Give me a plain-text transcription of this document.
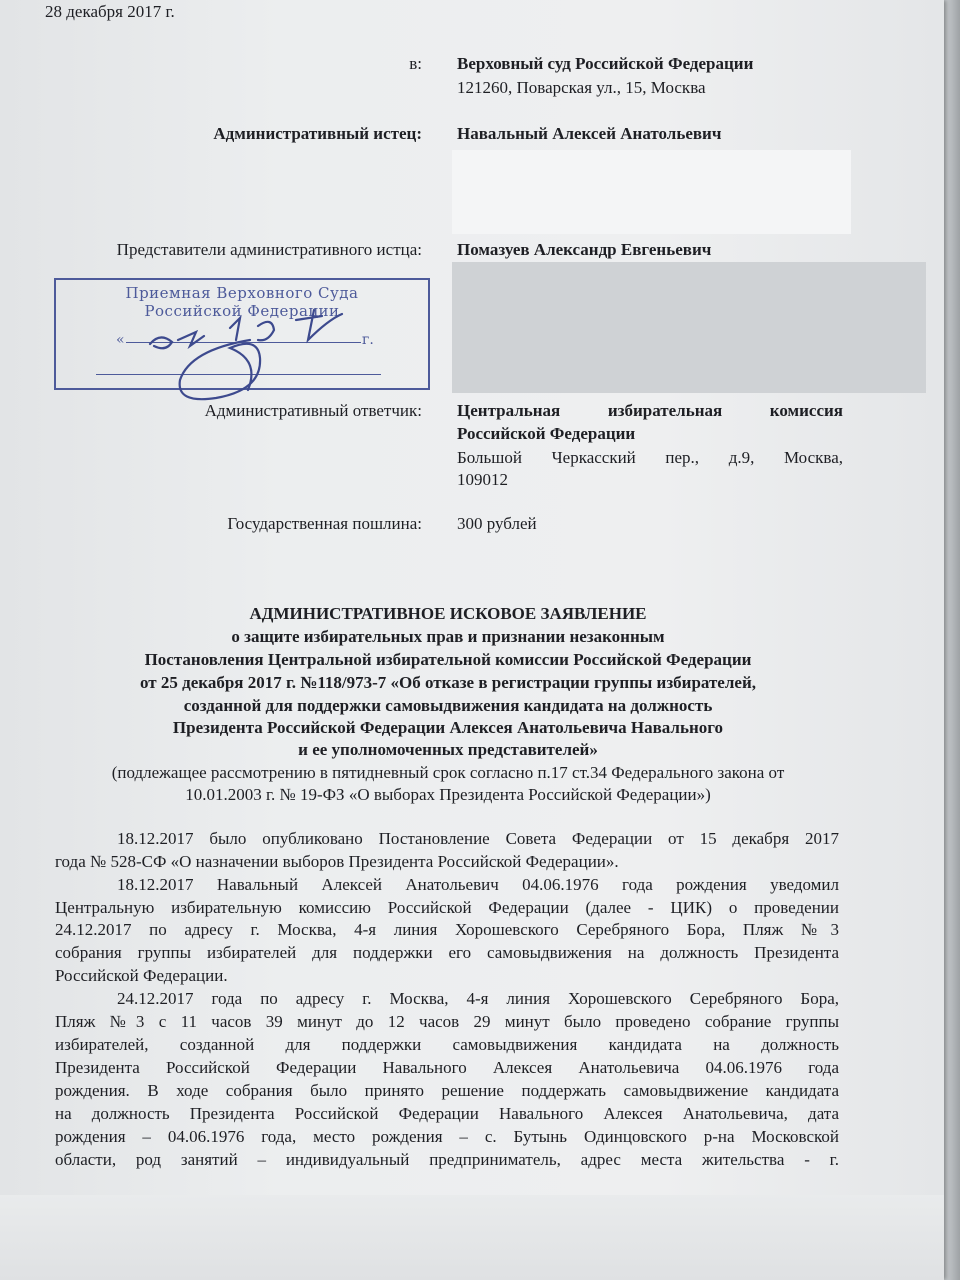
28 декабря 2017 г.
в: Верховный суд Российской Федерации
121260, Поварская ул., 15, Москва
Административный истец: Навальный Алексей Анатольевич
Представители административного истца: Помазуев Александр Евгеньевич
Приемная Верховного Суда
Российской Федерации
«	г.
Административный ответчик: Центральная избирательная комиссия
Российской Федерации
Большой Черкасский пер., д.9, Москва,
109012
Государственная пошлина: 300 рублей
АДМИНИСТРАТИВНОЕ ИСКОВОЕ ЗАЯВЛЕНИЕ
о защите избирательных прав и признании незаконным
Постановления Центральной избирательной комиссии Российской Федерации
от 25 декабря 2017 г. №118/973-7 «Об отказе в регистрации группы избирателей,
созданной для поддержки самовыдвижения кандидата на должность
Президента Российской Федерации Алексея Анатольевича Навального
и ее уполномоченных представителей»
(подлежащее рассмотрению в пятидневный срок согласно п.17 ст.34 Федерального закона от
10.01.2003 г. № 19-ФЗ «О выборах Президента Российской Федерации»)
18.12.2017 было опубликовано Постановление Совета Федерации от 15 декабря 2017
года № 528-СФ «О назначении выборов Президента Российской Федерации».
18.12.2017 Навальный Алексей Анатольевич 04.06.1976 года рождения уведомил
Центральную избирательную комиссию Российской Федерации (далее - ЦИК) о проведении
24.12.2017 по адресу г. Москва, 4-я линия Хорошевского Серебряного Бора, Пляж №3
собрания группы избирателей для поддержки его самовыдвижения на должность Президента
Российской Федерации.
24.12.2017 года по адресу г. Москва, 4-я линия Хорошевского Серебряного Бора,
Пляж №3 с 11 часов 39 минут до 12 часов 29 минут было проведено собрание группы
избирателей, созданной для поддержки самовыдвижения кандидата на должность
Президента Российской Федерации Навального Алексея Анатольевича 04.06.1976 года
рождения. В ходе собрания было принято решение поддержать самовыдвижение кандидата
на должность Президента Российской Федерации Навального Алексея Анатольевича, дата
рождения – 04.06.1976 года, место рождения – с. Бутынь Одинцовского р-на Московской
области, род занятий – индивидуальный предприниматель, адрес места жительства - г.
